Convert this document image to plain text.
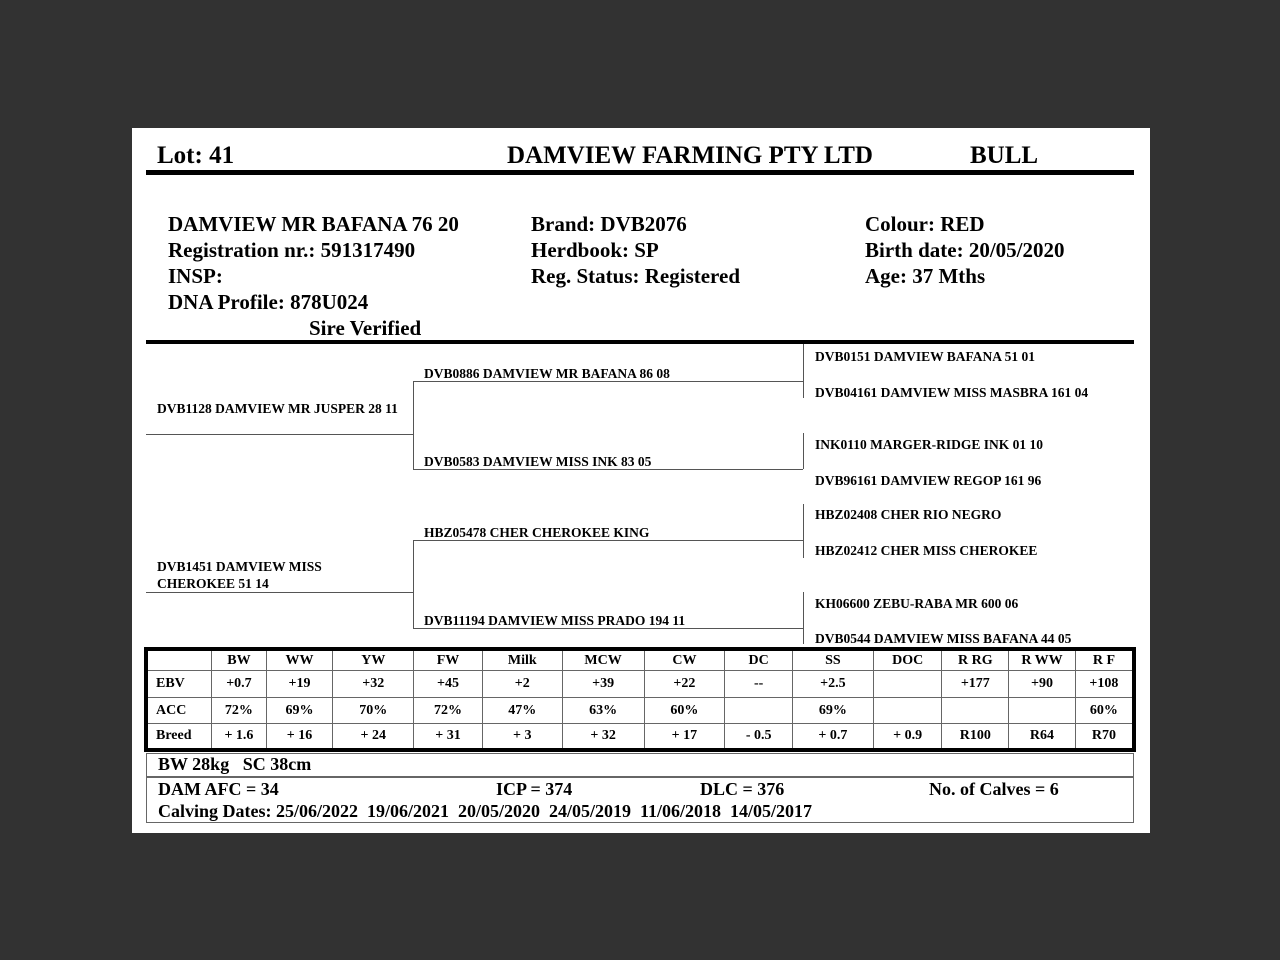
Lot: 41	DAMVIEW FARMING PTY LTD	BULL
DAMVIEW MR BAFANA 76 20
Registration nr.: 591317490
INSP:
DNA Profile: 878U024
Sire Verified
Brand: DVB2076
Herdbook: SP
Reg. Status: Registered
Colour: RED
Birth date: 20/05/2020
Age: 37 Mths
DVB1128 DAMVIEW MR JUSPER 28 11
DVB1451 DAMVIEW MISS CHEROKEE 51 14
DVB0886 DAMVIEW MR BAFANA 86 08
DVB0583 DAMVIEW MISS INK 83 05
HBZ05478 CHER CHEROKEE KING
DVB11194 DAMVIEW MISS PRADO 194 11
DVB0151 DAMVIEW BAFANA 51 01
DVB04161 DAMVIEW MISS MASBRA 161 04
INK0110 MARGER-RIDGE INK 01 10
DVB96161 DAMVIEW REGOP 161 96
HBZ02408 CHER RIO NEGRO
HBZ02412 CHER MISS CHEROKEE
KH06600 ZEBU-RABA MR 600 06
DVB0544 DAMVIEW MISS BAFANA 44 05
	BW	WW	YW	FW	Milk	MCW	CW	DC	SS	DOC	R RG	R WW	R F
EBV	+0.7	+19	+32	+45	+2	+39	+22	--	+2.5		+177	+90	+108
ACC	72%	69%	70%	72%	47%	63%	60%		69%				60%
Breed	+ 1.6	+ 16	+ 24	+ 31	+ 3	+ 32	+ 17	- 0.5	+ 0.7	+ 0.9	R100	R64	R70
BW 28kg   SC 38cm
DAM AFC = 34	ICP = 374	DLC = 376	No. of Calves = 6
Calving Dates: 25/06/2022  19/06/2021  20/05/2020  24/05/2019  11/06/2018  14/05/2017
